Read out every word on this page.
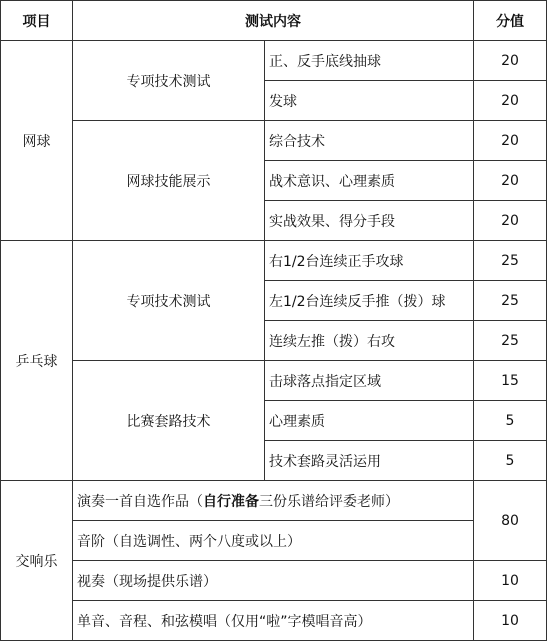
项目	测试内容		分值
网球	专项技术测试	正、反手底线抽球	20
		发球	20
	网球技能展示	综合技术	20
		战术意识、心理素质	20
		实战效果、得分手段	20
乒乓球	专项技术测试	右1/2台连续正手攻球	25
		左1/2台连续反手推（拨）球	25
		连续左推（拨）右攻	25
	比赛套路技术	击球落点指定区域	15
		心理素质	5
		技术套路灵活运用	5
交响乐	演奏一首自选作品（自行准备三份乐谱给评委老师）		80
	音阶（自选调性、两个八度或以上）		
	视奏（现场提供乐谱）		10
	单音、音程、和弦模唱（仅用“啦”字模唱音高）		10
